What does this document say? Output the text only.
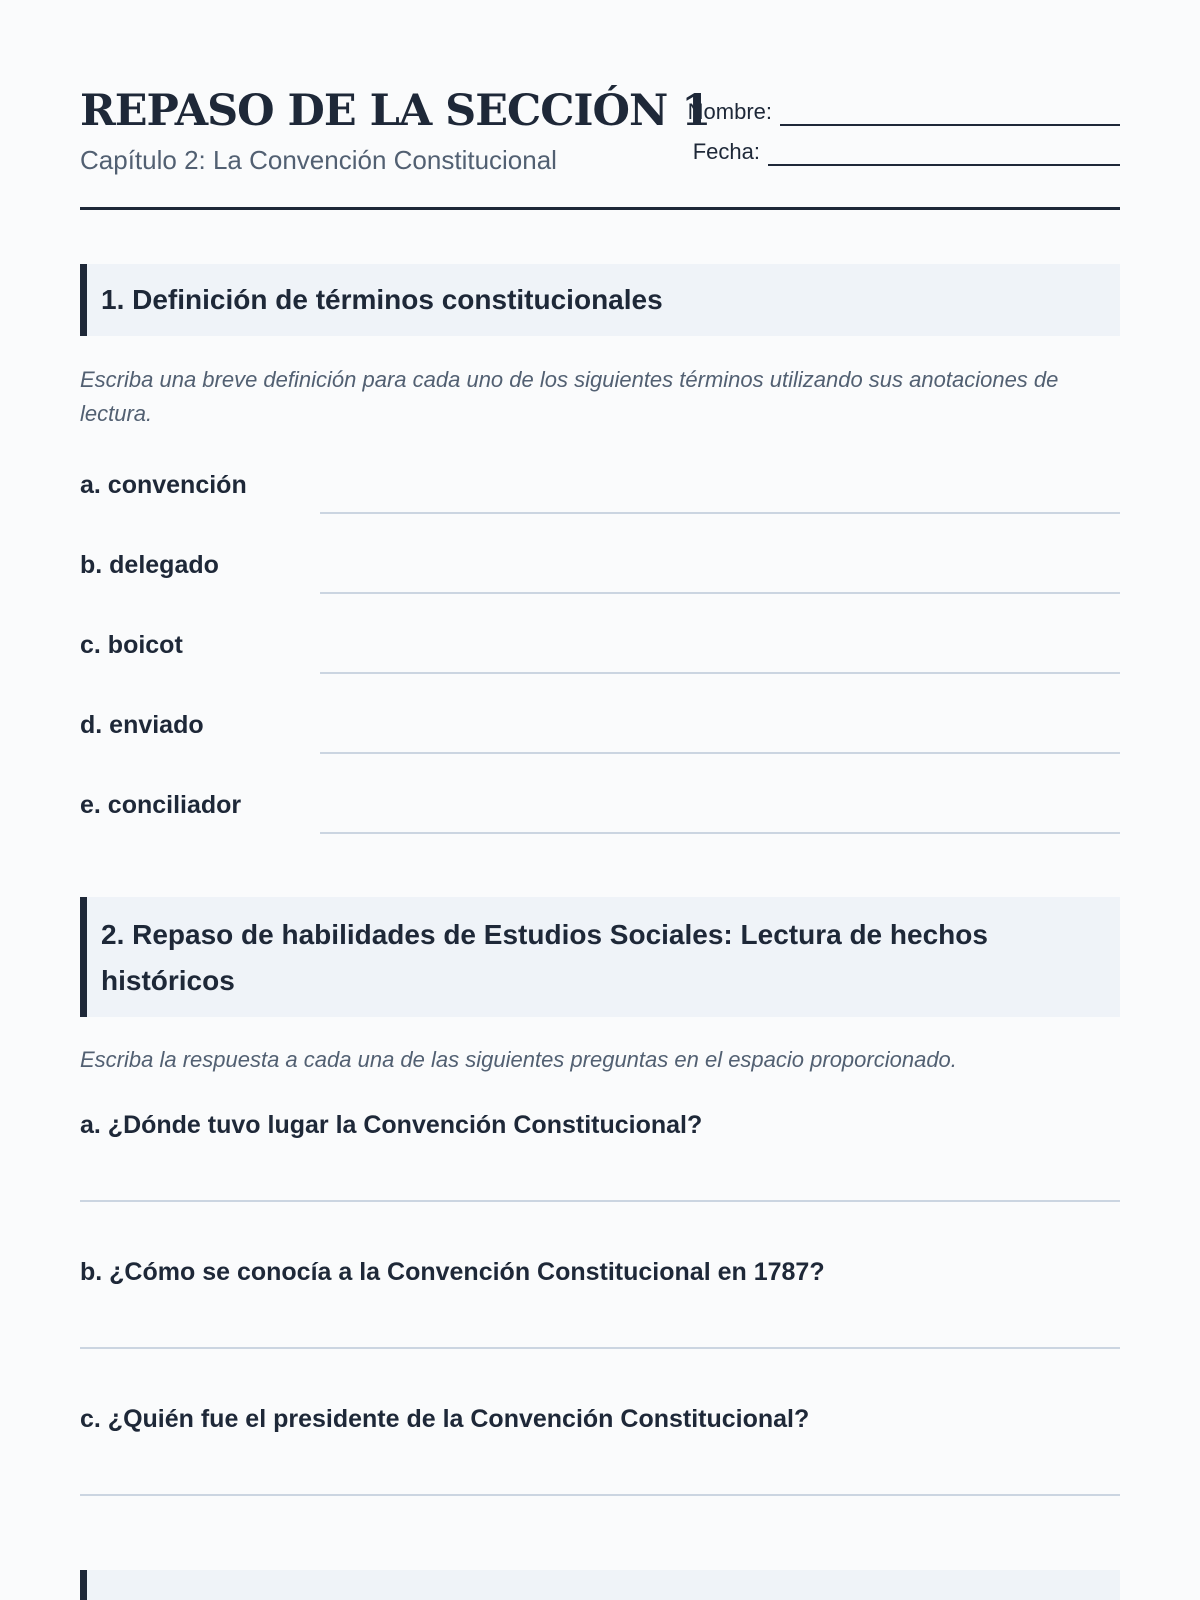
REPASO DE LA SECCIÓN 1
Capítulo 2: La Convención Constitucional
Nombre:
Fecha:
1. Definición de términos constitucionales
Escriba una breve definición para cada uno de los siguientes términos utilizando sus anotaciones de lectura.
a. convención
b. delegado
c. boicot
d. enviado
e. conciliador
2. Repaso de habilidades de Estudios Sociales: Lectura de hechos históricos
Escriba la respuesta a cada una de las siguientes preguntas en el espacio proporcionado.
a. ¿Dónde tuvo lugar la Convención Constitucional?
b. ¿Cómo se conocía a la Convención Constitucional en 1787?
c. ¿Quién fue el presidente de la Convención Constitucional?
